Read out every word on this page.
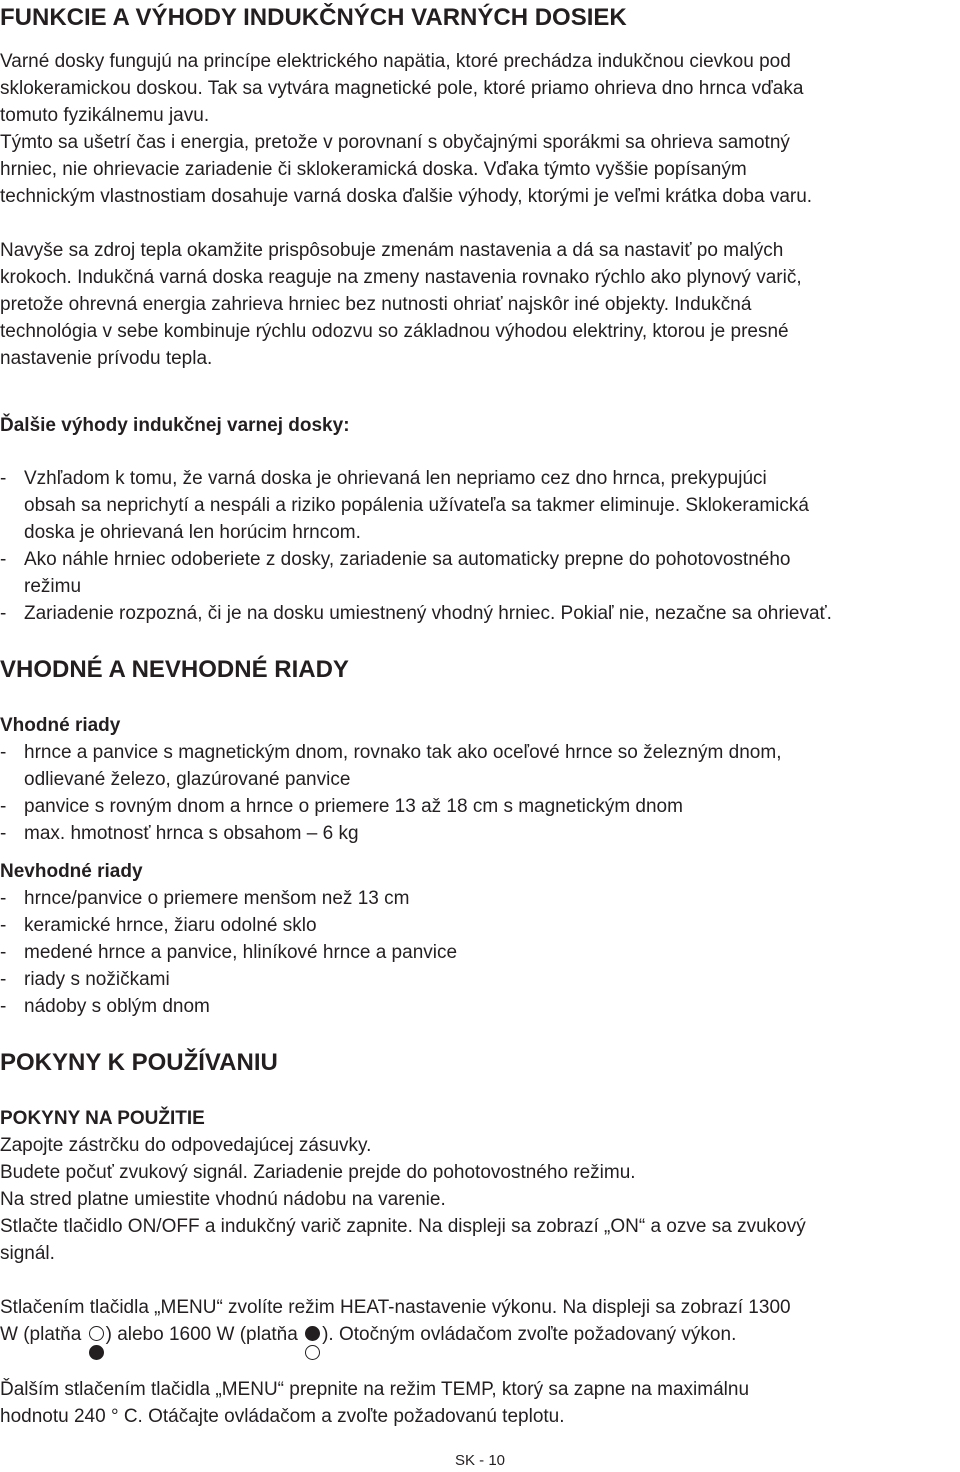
FUNKCIE A VÝHODY INDUKČNÝCH VARNÝCH DOSIEK
Varné dosky fungujú na princípe elektrického napätia, ktoré prechádza indukčnou cievkou pod
sklokeramickou doskou. Tak sa vytvára magnetické pole, ktoré priamo ohrieva dno hrnca vďaka
tomuto fyzikálnemu javu.
Týmto sa ušetrí čas i energia, pretože v porovnaní s obyčajnými sporákmi sa ohrieva samotný
hrniec, nie ohrievacie zariadenie či sklokeramická doska. Vďaka týmto vyššie popísaným
technickým vlastnostiam dosahuje varná doska ďalšie výhody, ktorými je veľmi krátka doba varu.
Navyše sa zdroj tepla okamžite prispôsobuje zmenám nastavenia a dá sa nastaviť po malých
krokoch. Indukčná varná doska reaguje na zmeny nastavenia rovnako rýchlo ako plynový varič,
pretože ohrevná energia zahrieva hrniec bez nutnosti ohriať najskôr iné objekty. Indukčná
technológia v sebe kombinuje rýchlu odozvu so základnou výhodou elektriny, ktorou je presné
nastavenie prívodu tepla.
Ďalšie výhody indukčnej varnej dosky:
- Vzhľadom k tomu, že varná doska je ohrievaná len nepriamo cez dno hrnca, prekypujúci
obsah sa neprichytí a nespáli a riziko popálenia užívateľa sa takmer eliminuje. Sklokeramická
doska je ohrievaná len horúcim hrncom.
- Ako náhle hrniec odoberiete z dosky, zariadenie sa automaticky prepne do pohotovostného
režimu
- Zariadenie rozpozná, či je na dosku umiestnený vhodný hrniec. Pokiaľ nie, nezačne sa ohrievať.
VHODNÉ A NEVHODNÉ RIADY
Vhodné riady
- hrnce a panvice s magnetickým dnom, rovnako tak ako oceľové hrnce so železným dnom,
odlievané železo, glazúrované panvice
- panvice s rovným dnom a hrnce o priemere 13 až 18 cm s magnetickým dnom
- max. hmotnosť hrnca s obsahom – 6 kg
Nevhodné riady
- hrnce/panvice o priemere menšom než 13 cm
- keramické hrnce, žiaru odolné sklo
- medené hrnce a panvice, hliníkové hrnce a panvice
- riady s nožičkami
- nádoby s oblým dnom
POKYNY K POUŽÍVANIU
POKYNY NA POUŽITIE
Zapojte zástrčku do odpovedajúcej zásuvky.
Budete počuť zvukový signál. Zariadenie prejde do pohotovostného režimu.
Na stred platne umiestite vhodnú nádobu na varenie.
Stlačte tlačidlo ON/OFF a indukčný varič zapnite. Na displeji sa zobrazí „ON“ a ozve sa zvukový
signál.
Stlačením tlačidla „MENU“ zvolíte režim HEAT-nastavenie výkonu. Na displeji sa zobrazí 1300
W (platňa
) alebo 1600 W (platňa
). Otočným ovládačom zvoľte požadovaný výkon.
Ďalším stlačením tlačidla „MENU“ prepnite na režim TEMP, ktorý sa zapne na maximálnu
hodnotu 240 ° C. Otáčajte ovládačom a zvoľte požadovanú teplotu.
SK - 10
